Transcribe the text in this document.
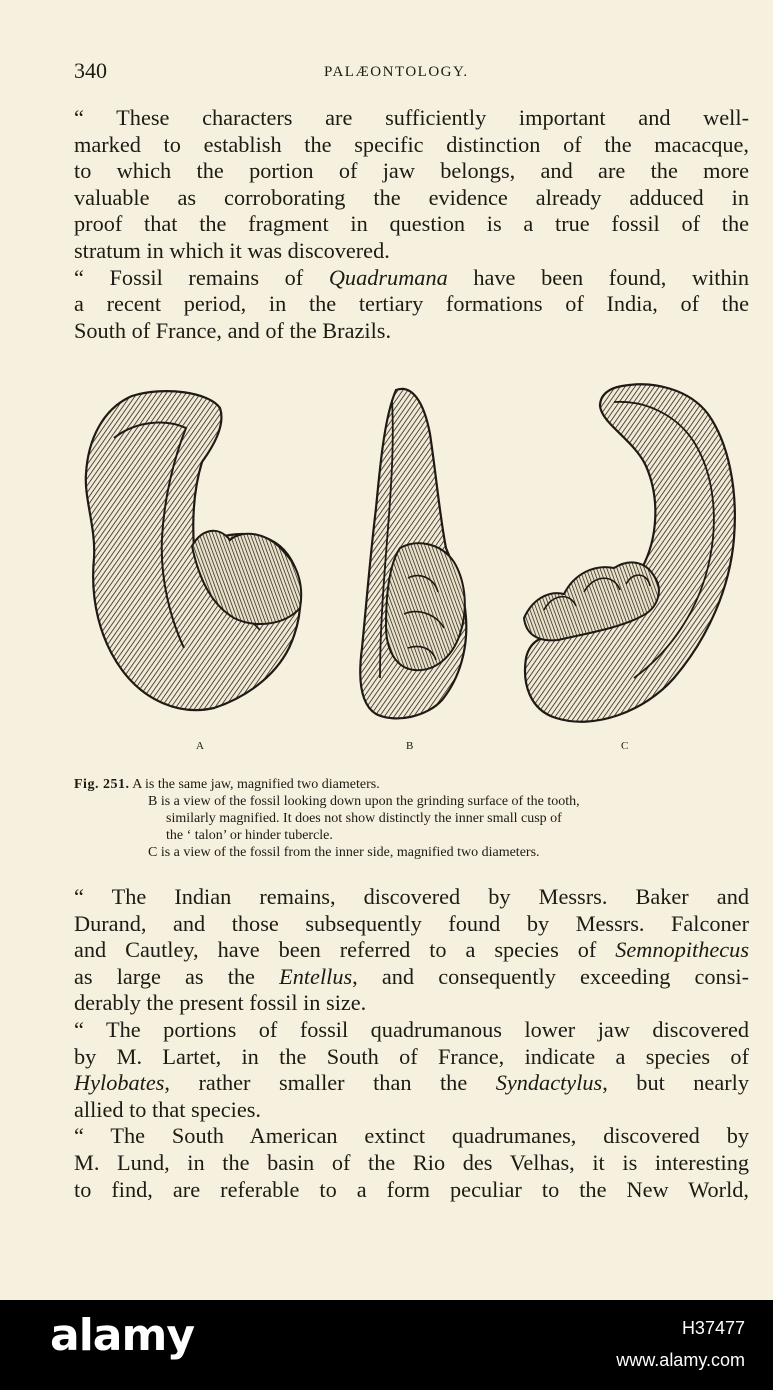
340	PALÆONTOLOGY.

“ These characters are sufficiently important and well-
marked to establish the specific distinction of the macacque,
to which the portion of jaw belongs, and are the more
valuable as corroborating the evidence already adduced in
proof that the fragment in question is a true fossil of the
stratum in which it was discovered.

“ Fossil remains of Quadrumana have been found, within
a recent period, in the tertiary formations of India, of the
South of France, and of the Brazils.

A	B	C
Fig. 251. A is the same jaw, magnified two diameters.
B is a view of the fossil looking down upon the grinding surface of the tooth,
similarly magnified. It does not show distinctly the inner small cusp of
the ‘ talon’ or hinder tubercle.
C is a view of the fossil from the inner side, magnified two diameters.

“ The Indian remains, discovered by Messrs. Baker and
Durand, and those subsequently found by Messrs. Falconer
and Cautley, have been referred to a species of Semnopithecus
as large as the Entellus, and consequently exceeding consi-
derably the present fossil in size.

“ The portions of fossil quadrumanous lower jaw discovered
by M. Lartet, in the South of France, indicate a species of
Hylobates, rather smaller than the Syndactylus, but nearly
allied to that species.

“ The South American extinct quadrumanes, discovered by
M. Lund, in the basin of the Rio des Velhas, it is interesting
to find, are referable to a form peculiar to the New World,

alamy	H37477
www.alamy.com
